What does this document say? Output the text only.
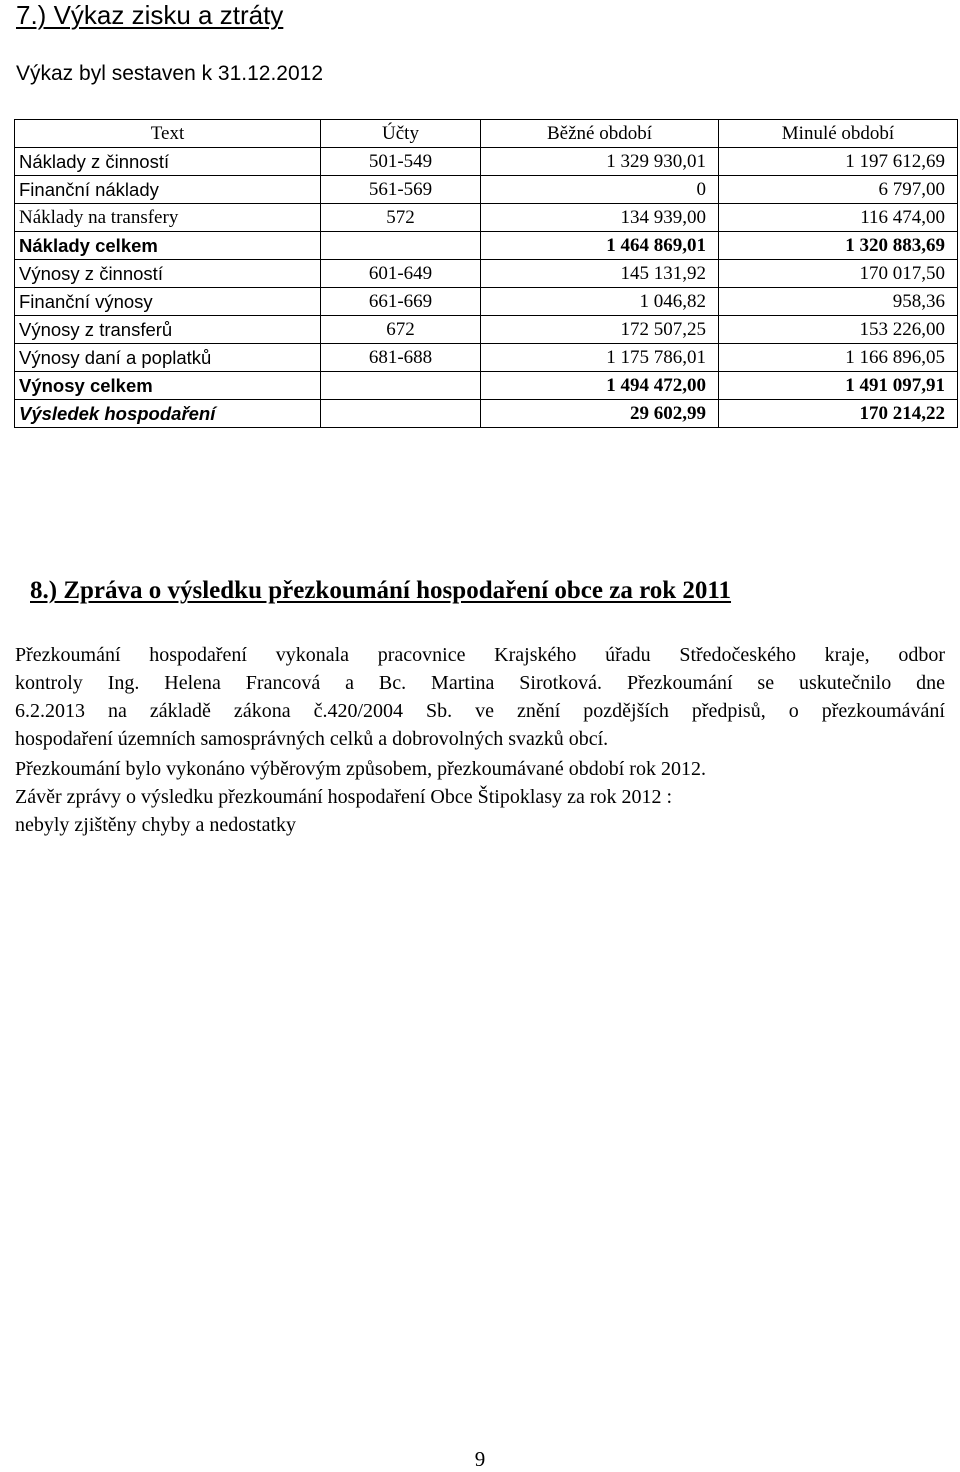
7.) Výkaz zisku a ztráty
Výkaz byl sestaven k 31.12.2012
Text	Účty	Běžné období	Minulé období
Náklady z činností	501-549	1 329 930,01	1 197 612,69
Finanční náklady	561-569	0	6 797,00
Náklady na transfery	572	134 939,00	116 474,00
Náklady celkem		1 464 869,01	1 320 883,69
Výnosy z činností	601-649	145 131,92	170 017,50
Finanční výnosy	661-669	1 046,82	958,36
Výnosy z transferů	672	172 507,25	153 226,00
Výnosy daní a poplatků	681-688	1 175 786,01	1 166 896,05
Výnosy celkem		1 494 472,00	1 491 097,91
Výsledek hospodaření		29 602,99	170 214,22
8.) Zpráva o výsledku přezkoumání hospodaření obce za rok 2011
Přezkoumání hospodaření vykonala pracovnice Krajského úřadu Středočeského kraje, odbor
kontroly Ing. Helena Francová a Bc. Martina Sirotková. Přezkoumání se uskutečnilo dne
6.2.2013 na základě zákona č.420/2004 Sb. ve znění pozdějších předpisů, o přezkoumávání
hospodaření územních samosprávných celků a dobrovolných svazků obcí.
Přezkoumání bylo vykonáno výběrovým způsobem, přezkoumávané období rok 2012.
Závěr zprávy o výsledku přezkoumání hospodaření Obce Štipoklasy za rok 2012 :
nebyly zjištěny chyby a nedostatky
9
